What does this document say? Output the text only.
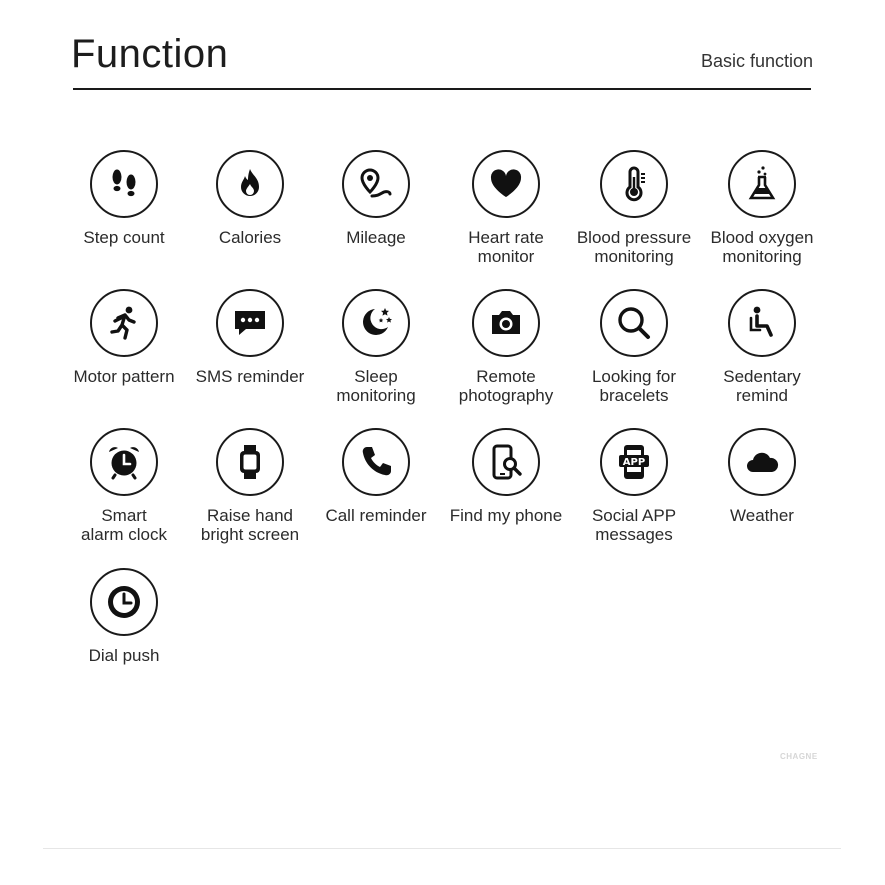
Function	Basic function
Step count	Calories	Mileage	Heart rate
monitor
Blood pressure
monitoring
Blood oxygen
monitoring
Motor pattern	SMS reminder	Sleep
monitoring
Remote
photography
Looking for
bracelets
Sedentary
remind
Smart
alarm clock
Raise hand
bright screen
Call reminder	Find my phone
APP
Social APP
messages
Weather
Dial push
CHAGNE
